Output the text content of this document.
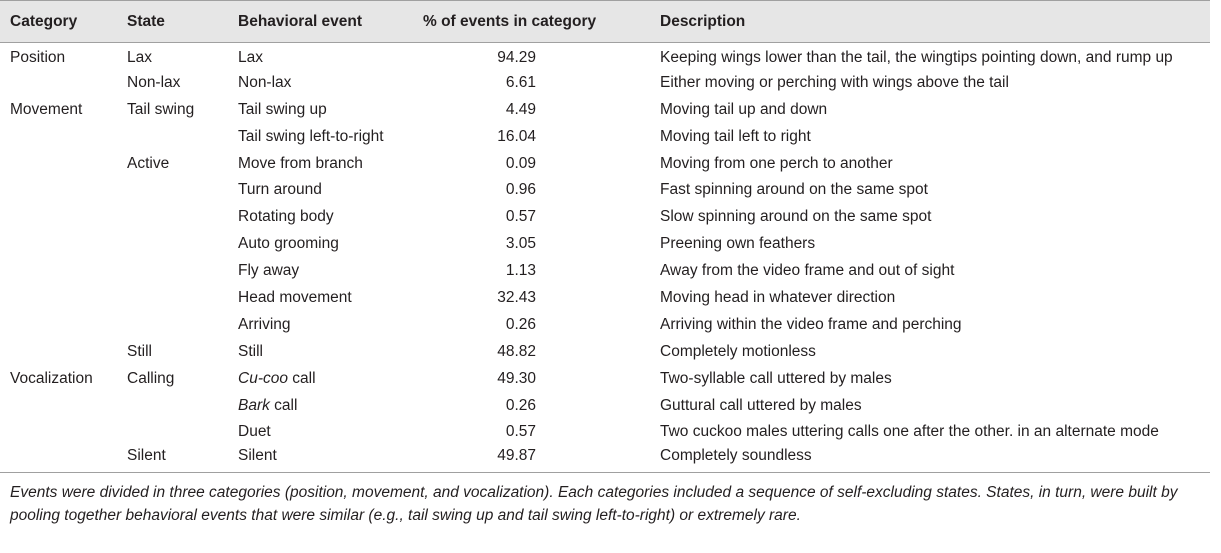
Category	State	Behavioral event	% of events in category	Description
Position	Lax	Lax	94.29	Keeping wings lower than the tail, the wingtips pointing down, and rump up
	Non-lax	Non-lax	6.61	Either moving or perching with wings above the tail
Movement	Tail swing	Tail swing up	4.49	Moving tail up and down
		Tail swing left-to-right	16.04	Moving tail left to right
	Active	Move from branch	0.09	Moving from one perch to another
		Turn around	0.96	Fast spinning around on the same spot
		Rotating body	0.57	Slow spinning around on the same spot
		Auto grooming	3.05	Preening own feathers
		Fly away	1.13	Away from the video frame and out of sight
		Head movement	32.43	Moving head in whatever direction
		Arriving	0.26	Arriving within the video frame and perching
	Still	Still	48.82	Completely motionless
Vocalization	Calling	Cu-coo call	49.30	Two-syllable call uttered by males
		Bark call	0.26	Guttural call uttered by males
		Duet	0.57	Two cuckoo males uttering calls one after the other. in an alternate mode
	Silent	Silent	49.87	Completely soundless
Events were divided in three categories (position, movement, and vocalization). Each categories included a sequence of self-excluding states. States, in turn, were built by pooling together behavioral events that were similar (e.g., tail swing up and tail swing left-to-right) or extremely rare.
